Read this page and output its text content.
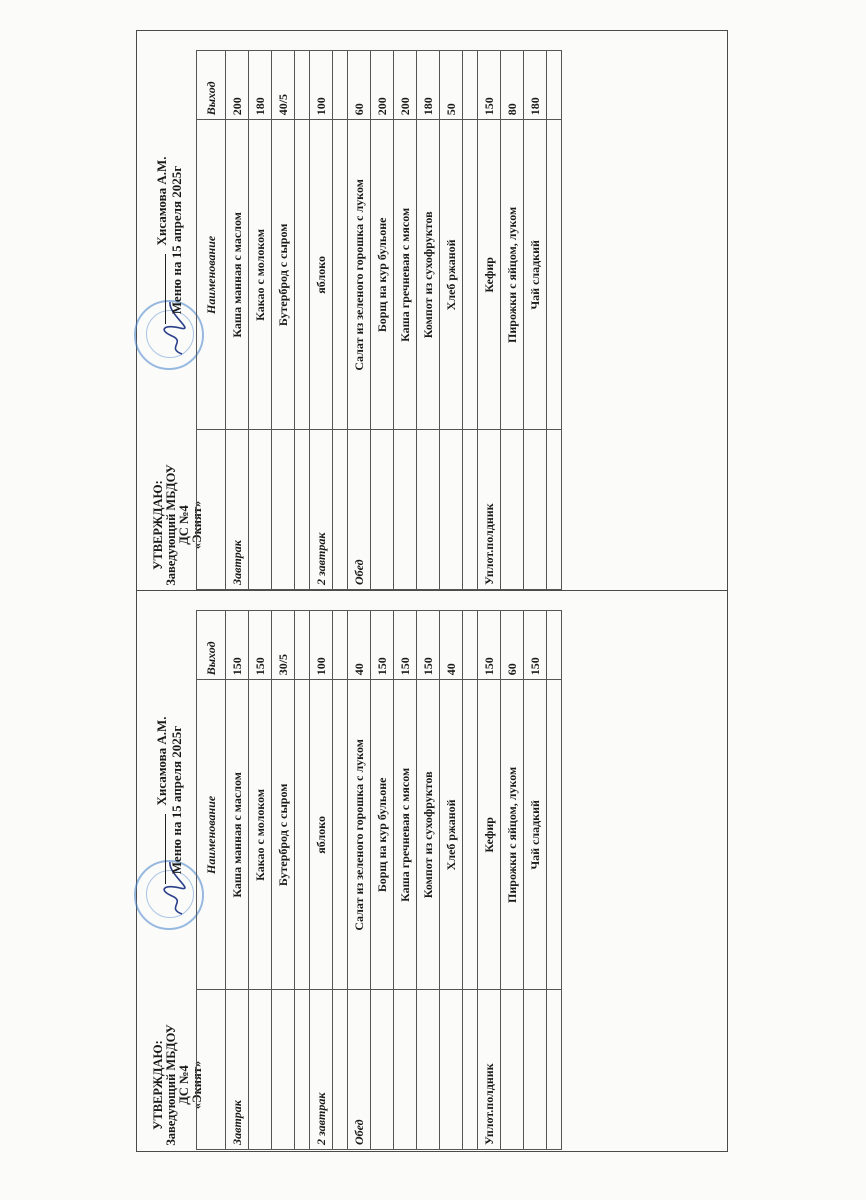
УТВЕРЖДАЮ: Заведующий МБДОУ ДС №4 «Экият»
Хисамова А.М. Меню на 15 апреля 2025г
	Наименование	Выход
Завтрак	Каша манная с маслом	150
	Какао с молоком	150
	Бутерброд с сыром	30/5

2 завтрак	яблоко	100

Обед	Салат из зеленого горошка с луком	40
	Борщ на кур бульоне	150
	Каша гречневая с мясом	150
	Компот из сухофруктов	150
	Хлеб ржаной	40

Уплот.полдник	Кефир	150
	Пирожки с яйцом, луком	60
	Чай сладкий	150

УТВЕРЖДАЮ: Заведующий МБДОУ ДС №4 «Экият»
Хисамова А.М. Меню на 15 апреля 2025г
	Наименование	Выход
Завтрак	Каша манная с маслом	200
	Какао с молоком	180
	Бутерброд с сыром	40/5

2 завтрак	яблоко	100

Обед	Салат из зеленого горошка с луком	60
	Борщ на кур бульоне	200
	Каша гречневая с мясом	200
	Компот из сухофруктов	180
	Хлеб ржаной	50

Уплот.полдник	Кефир	150
	Пирожки с яйцом, луком	80
	Чай сладкий	180
